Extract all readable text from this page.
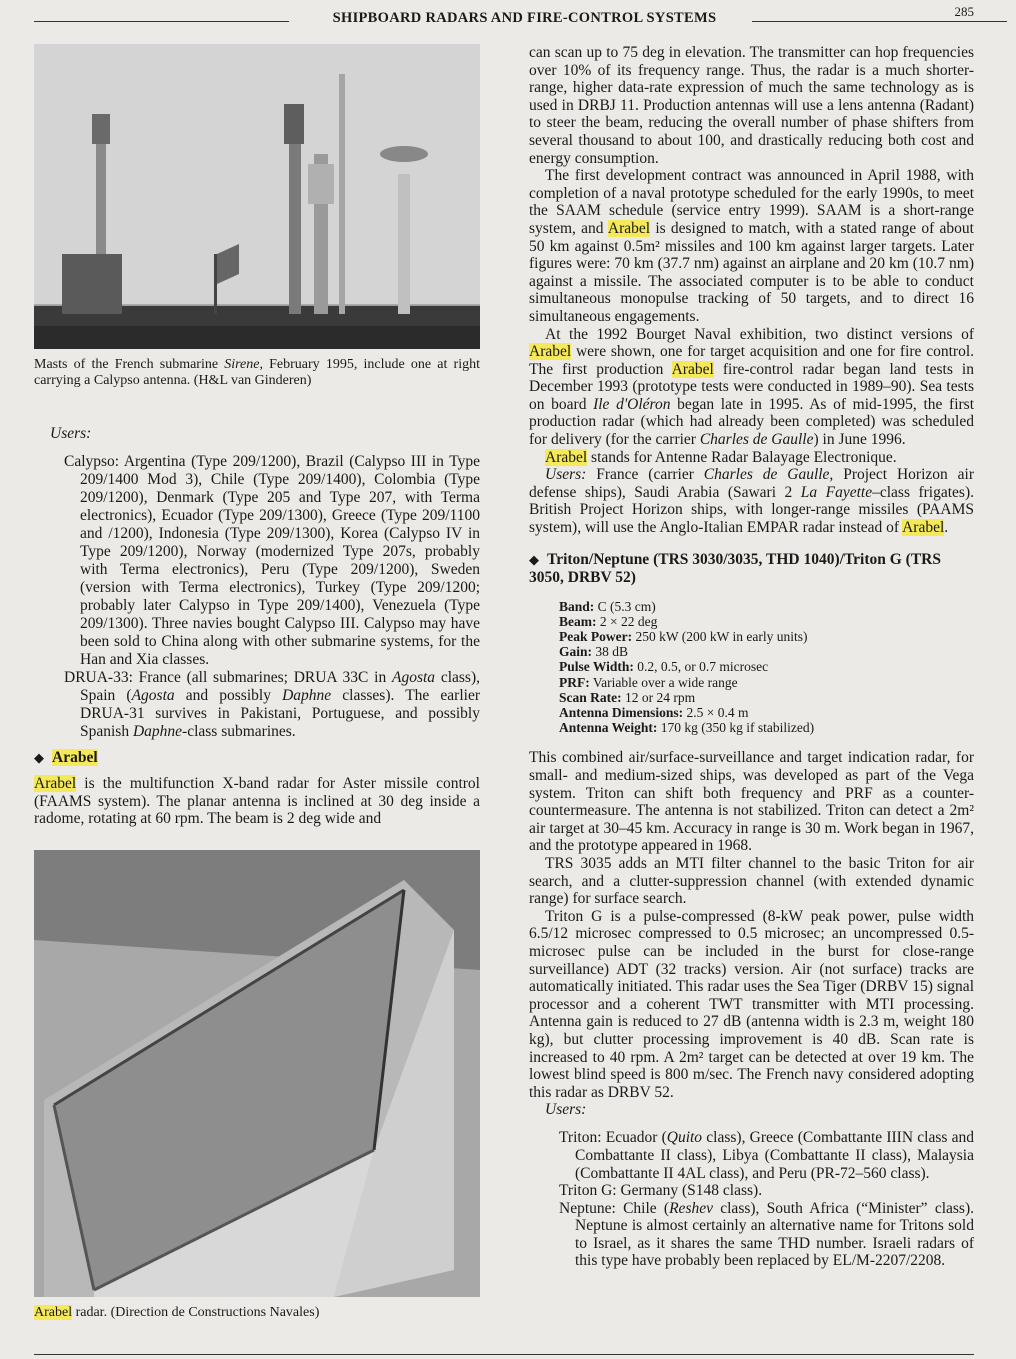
SHIPBOARD RADARS AND FIRE-CONTROL SYSTEMS	285
Masts of the French submarine Sirene, February 1995, include one at right carrying a Calypso antenna. (H&L van Ginderen)
Users:

Calypso: Argentina (Type 209/1200), Brazil (Calypso III in Type 209/1400 Mod 3), Chile (Type 209/1400), Colombia (Type 209/1200), Denmark (Type 205 and Type 207, with Terma electronics), Ecuador (Type 209/1300), Greece (Type 209/1100 and /1200), Indonesia (Type 209/1300), Korea (Calypso IV in Type 209/1200), Norway (modernized Type 207s, probably with Terma electronics), Peru (Type 209/1200), Sweden (version with Terma electronics), Turkey (Type 209/1200; probably later Calypso in Type 209/1400), Venezuela (Type 209/1300). Three navies bought Calypso III. Calypso may have been sold to China along with other submarine systems, for the Han and Xia classes.

DRUA-33: France (all submarines; DRUA 33C in Agosta class), Spain (Agosta and possibly Daphne classes). The earlier DRUA-31 survives in Pakistani, Portuguese, and possibly Spanish Daphne-class submarines.

◆ Arabel

Arabel is the multifunction X-band radar for Aster missile control (FAAMS system). The planar antenna is inclined at 30 deg inside a radome, rotating at 60 rpm. The beam is 2 deg wide and

Arabel radar. (Direction de Constructions Navales)

can scan up to 75 deg in elevation. The transmitter can hop frequencies over 10% of its frequency range. Thus, the radar is a much shorter-range, higher data-rate expression of much the same technology as is used in DRBJ 11. Production antennas will use a lens antenna (Radant) to steer the beam, reducing the overall number of phase shifters from several thousand to about 100, and drastically reducing both cost and energy consumption.

The first development contract was announced in April 1988, with completion of a naval prototype scheduled for the early 1990s, to meet the SAAM schedule (service entry 1999). SAAM is a short-range system, and Arabel is designed to match, with a stated range of about 50 km against 0.5m² missiles and 100 km against larger targets. Later figures were: 70 km (37.7 nm) against an airplane and 20 km (10.7 nm) against a missile. The associated computer is to be able to conduct simultaneous monopulse tracking of 50 targets, and to direct 16 simultaneous engagements.

At the 1992 Bourget Naval exhibition, two distinct versions of Arabel were shown, one for target acquisition and one for fire control. The first production Arabel fire-control radar began land tests in December 1993 (prototype tests were conducted in 1989–90). Sea tests on board Ile d'Oléron began late in 1995. As of mid-1995, the first production radar (which had already been completed) was scheduled for delivery (for the carrier Charles de Gaulle) in June 1996.

Arabel stands for Antenne Radar Balayage Electronique.

Users: France (carrier Charles de Gaulle, Project Horizon air defense ships), Saudi Arabia (Sawari 2 La Fayette–class frigates). British Project Horizon ships, with longer-range missiles (PAAMS system), will use the Anglo-Italian EMPAR radar instead of Arabel.

◆ Triton/Neptune (TRS 3030/3035, THD 1040)/Triton G (TRS 3050, DRBV 52)
Band: C (5.3 cm)
Beam: 2 × 22 deg
Peak Power: 250 kW (200 kW in early units)
Gain: 38 dB
Pulse Width: 0.2, 0.5, or 0.7 microsec
PRF: Variable over a wide range
Scan Rate: 12 or 24 rpm
Antenna Dimensions: 2.5 × 0.4 m
Antenna Weight: 170 kg (350 kg if stabilized)

This combined air/surface-surveillance and target indication radar, for small- and medium-sized ships, was developed as part of the Vega system. Triton can shift both frequency and PRF as a counter-countermeasure. The antenna is not stabilized. Triton can detect a 2m² air target at 30–45 km. Accuracy in range is 30 m. Work began in 1967, and the prototype appeared in 1968.

TRS 3035 adds an MTI filter channel to the basic Triton for air search, and a clutter-suppression channel (with extended dynamic range) for surface search.

Triton G is a pulse-compressed (8-kW peak power, pulse width 6.5/12 microsec compressed to 0.5 microsec; an uncompressed 0.5-microsec pulse can be included in the burst for close-range surveillance) ADT (32 tracks) version. Air (not surface) tracks are automatically initiated. This radar uses the Sea Tiger (DRBV 15) signal processor and a coherent TWT transmitter with MTI processing. Antenna gain is reduced to 27 dB (antenna width is 2.3 m, weight 180 kg), but clutter processing improvement is 40 dB. Scan rate is increased to 40 rpm. A 2m² target can be detected at over 19 km. The lowest blind speed is 800 m/sec. The French navy considered adopting this radar as DRBV 52.

Users:

Triton: Ecuador (Quito class), Greece (Combattante IIIN class and Combattante II class), Libya (Combattante II class), Malaysia (Combattante II 4AL class), and Peru (PR-72–560 class).

Triton G: Germany (S148 class).

Neptune: Chile (Reshev class), South Africa (“Minister” class). Neptune is almost certainly an alternative name for Tritons sold to Israel, as it shares the same THD number. Israeli radars of this type have probably been replaced by EL/M-2207/2208.
